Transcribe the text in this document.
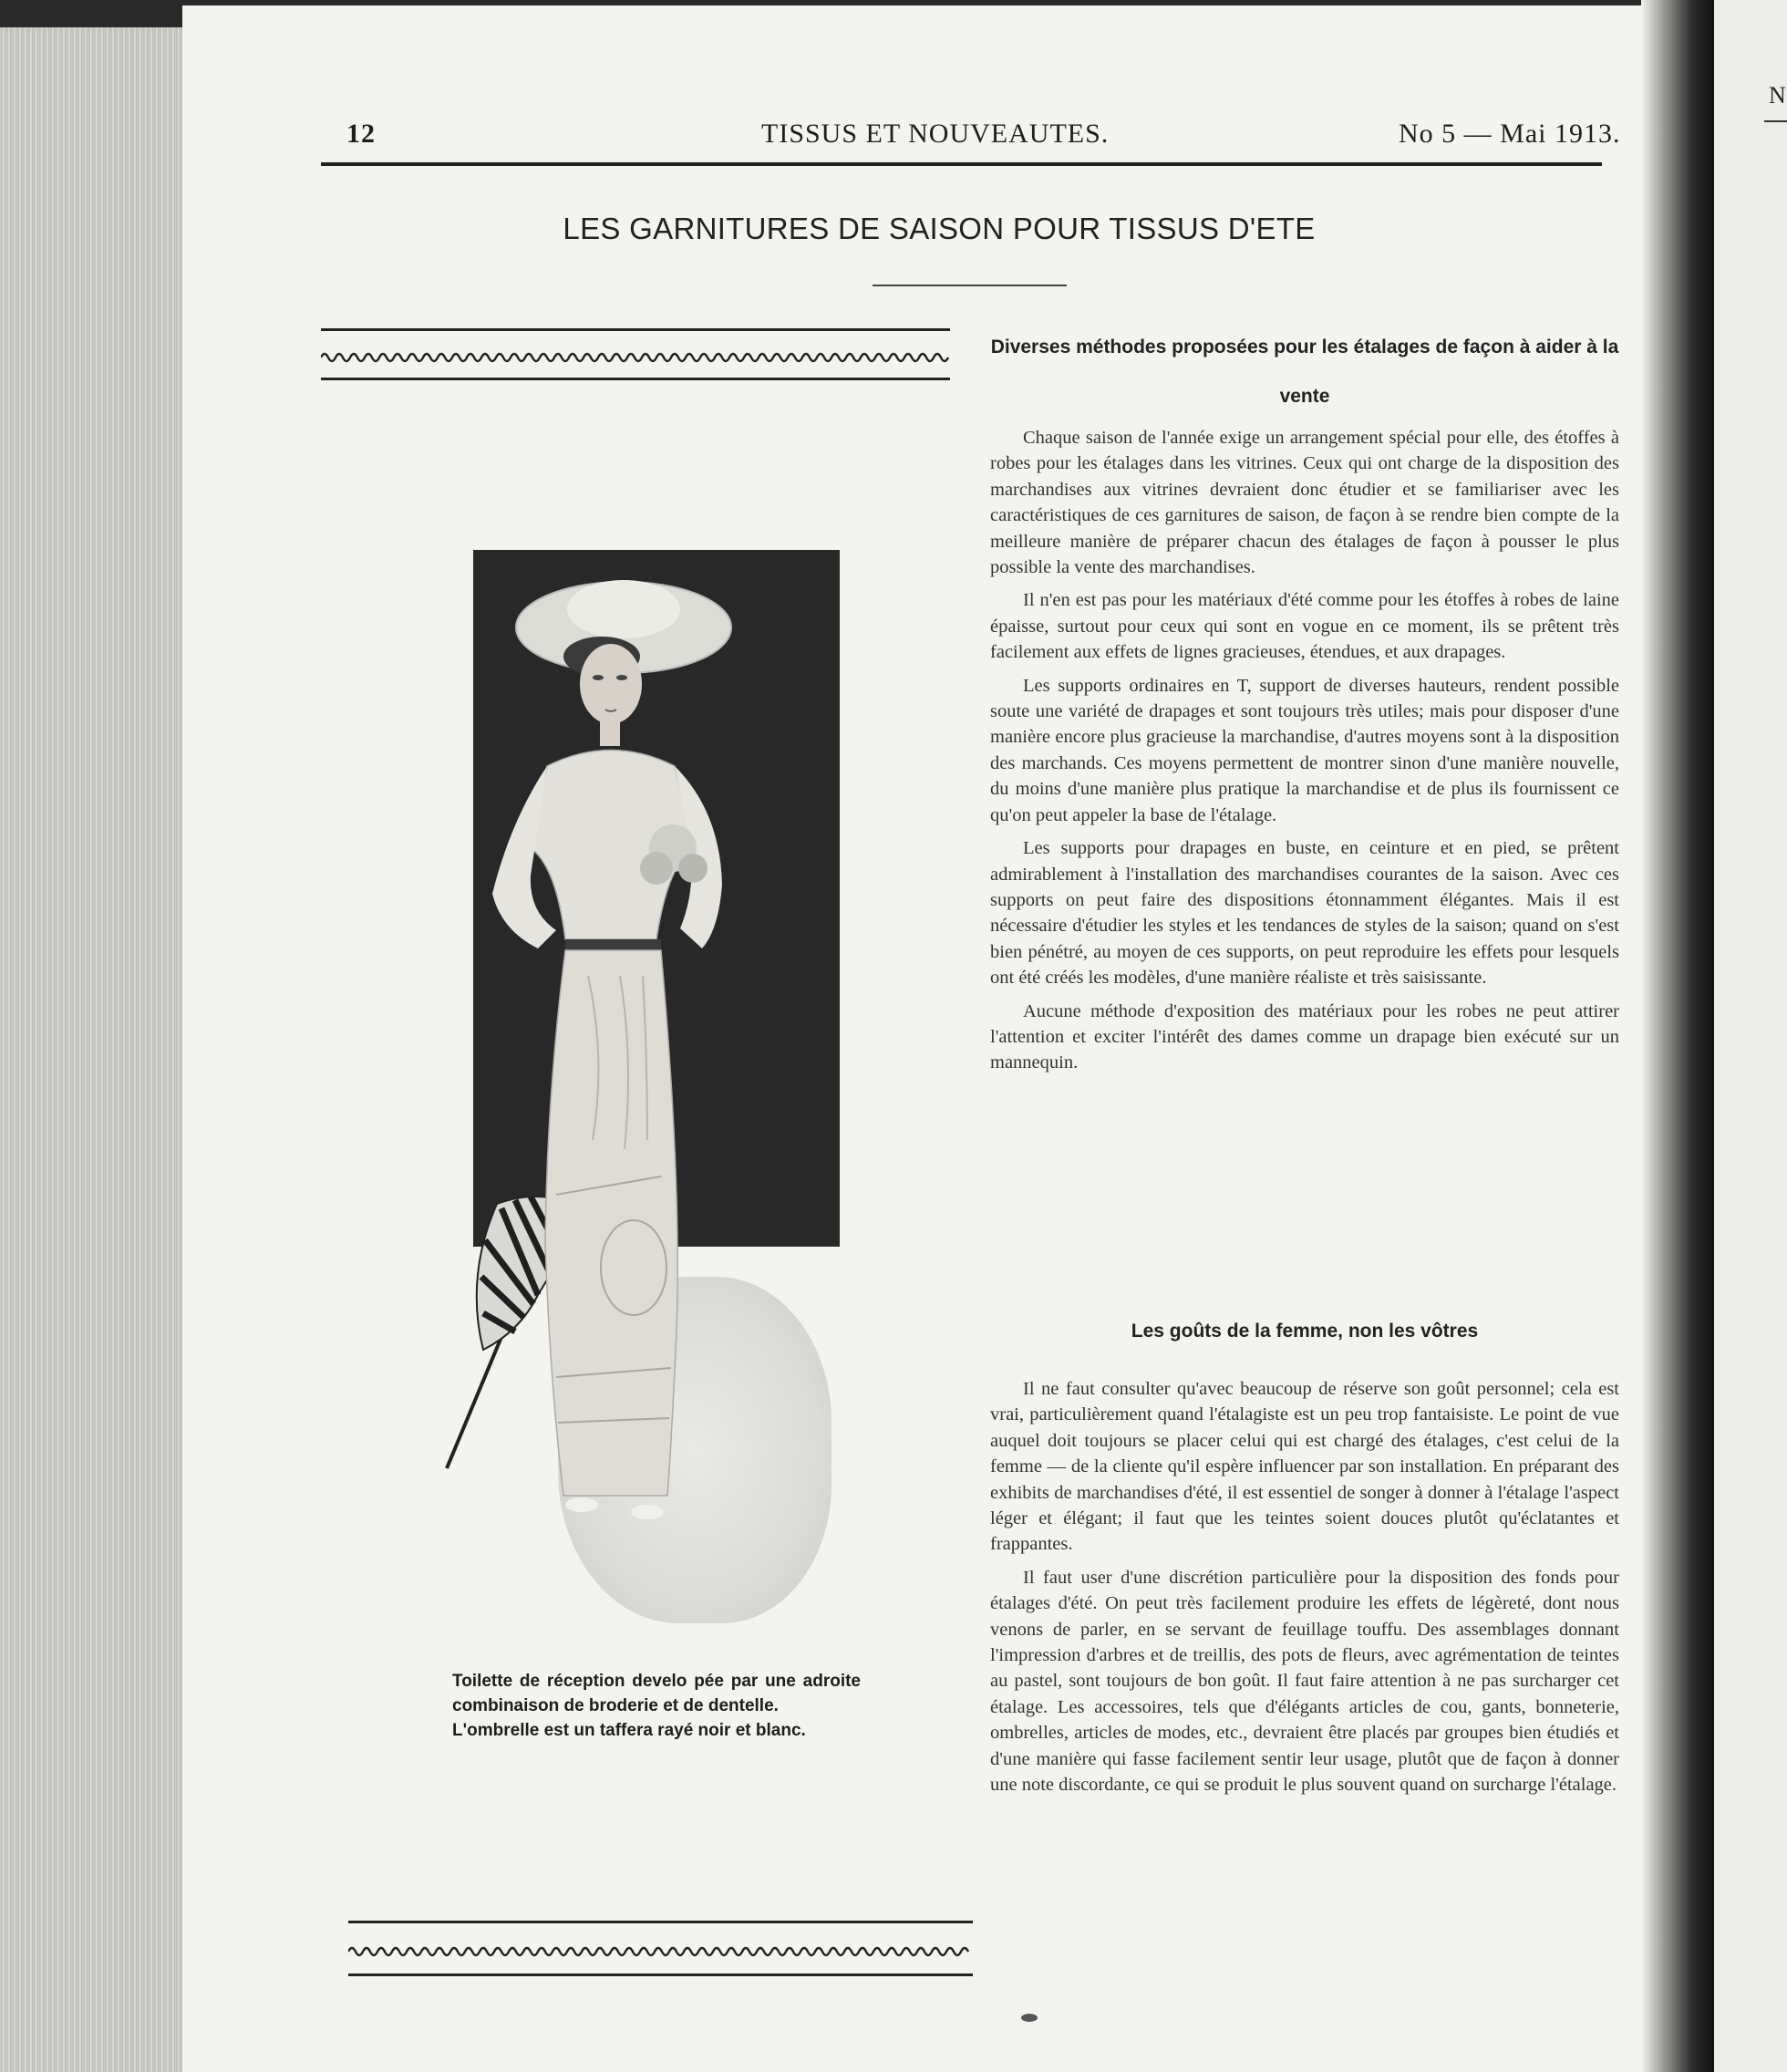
N
12	TISSUS ET NOUVEAUTES.	No 5 — Mai 1913.
LES GARNITURES DE SAISON POUR TISSUS D'ETE

Toilette de réception develo pée par une adroite combinaison de broderie et de dentelle.

L'ombrelle est un taffera rayé noir et blanc.

Diverses méthodes proposées pour les étalages de façon à aider à la vente

Chaque saison de l'année exige un arrangement spécial pour elle, des étoffes à robes pour les étalages dans les vitrines. Ceux qui ont charge de la disposition des marchandises aux vitrines devraient donc étudier et se familiariser avec les caractéristiques de ces garnitures de saison, de façon à se rendre bien compte de la meilleure manière de préparer chacun des étalages de façon à pousser le plus possible la vente des marchandises.

Il n'en est pas pour les matériaux d'été comme pour les étoffes à robes de laine épaisse, surtout pour ceux qui sont en vogue en ce moment, ils se prêtent très facilement aux effets de lignes gracieuses, étendues, et aux drapages.

Les supports ordinaires en T, support de diverses hauteurs, rendent possible soute une variété de drapages et sont toujours très utiles; mais pour disposer d'une manière encore plus gracieuse la marchandise, d'autres moyens sont à la disposition des marchands. Ces moyens permettent de montrer sinon d'une manière nouvelle, du moins d'une manière plus pratique la marchandise et de plus ils fournissent ce qu'on peut appeler la base de l'étalage.

Les supports pour drapages en buste, en ceinture et en pied, se prêtent admirablement à l'installation des marchandises courantes de la saison. Avec ces supports on peut faire des dispositions étonnamment élégantes. Mais il est nécessaire d'étudier les styles et les tendances de styles de la saison; quand on s'est bien pénétré, au moyen de ces supports, on peut reproduire les effets pour lesquels ont été créés les modèles, d'une manière réaliste et très saisissante.

Aucune méthode d'exposition des matériaux pour les robes ne peut attirer l'attention et exciter l'intérêt des dames comme un drapage bien exécuté sur un mannequin.

Les goûts de la femme, non les vôtres

Il ne faut consulter qu'avec beaucoup de réserve son goût personnel; cela est vrai, particulièrement quand l'étalagiste est un peu trop fantaisiste. Le point de vue auquel doit toujours se placer celui qui est chargé des étalages, c'est celui de la femme — de la cliente qu'il espère influencer par son installation. En préparant des exhibits de marchandises d'été, il est essentiel de songer à donner à l'étalage l'aspect léger et élégant; il faut que les teintes soient douces plutôt qu'éclatantes et frappantes.

Il faut user d'une discrétion particulière pour la disposition des fonds pour étalages d'été. On peut très facilement produire les effets de légèreté, dont nous venons de parler, en se servant de feuillage touffu. Des assemblages donnant l'impression d'arbres et de treillis, des pots de fleurs, avec agrémentation de teintes au pastel, sont toujours de bon goût. Il faut faire attention à ne pas surcharger cet étalage. Les accessoires, tels que d'élégants articles de cou, gants, bonneterie, ombrelles, articles de modes, etc., devraient être placés par groupes bien étudiés et d'une manière qui fasse facilement sentir leur usage, plutôt que de façon à donner une note discordante, ce qui se produit le plus souvent quand on surcharge l'étalage.
